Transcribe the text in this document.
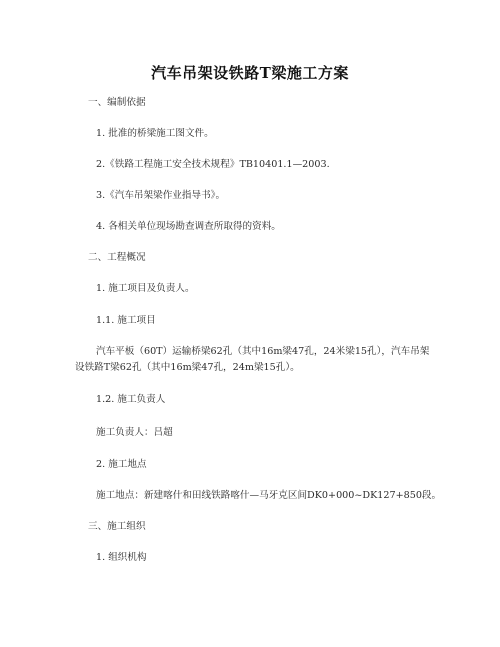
汽车吊架设铁路T梁施工方案
一、编制依据
1. 批准的桥梁施工图文件。
2.《铁路工程施工安全技术规程》TB10401.1—2003.
3.《汽车吊架梁作业指导书》。
4. 各相关单位现场勘查调查所取得的资料。
二、工程概况
1. 施工项目及负责人。
1.1. 施工项目
汽车平板（60T）运输桥梁62孔（其中16m梁47孔，24米梁15孔），汽车吊架
设铁路T梁62孔（其中16m梁47孔，24m梁15孔）。
1.2. 施工负责人
施工负责人：吕超
2. 施工地点
施工地点：新建喀什和田线铁路喀什—马牙克区间DK0+000~DK127+850段。
三、施工组织
1. 组织机构
